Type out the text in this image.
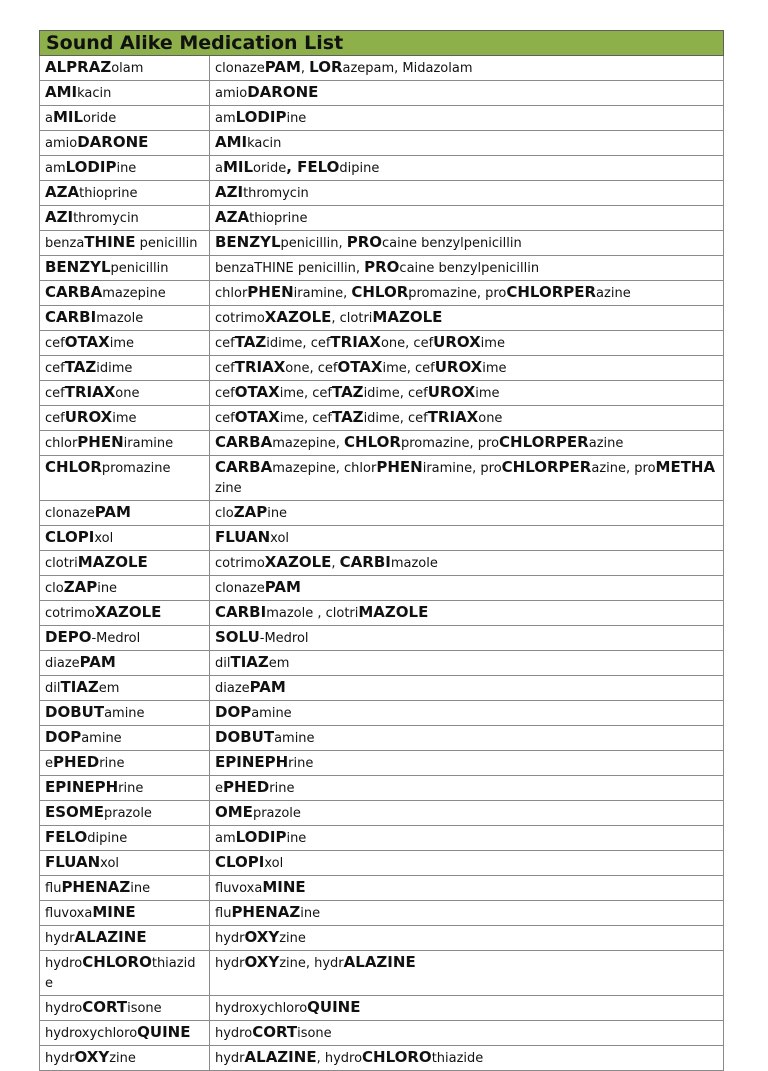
Sound Alike Medication List	
ALPRAZolam	clonazePAM, LORazepam, Midazolam
AMIkacin	amioDARONE
aMILoride	amLODIPine
amioDARONE	AMIkacin
amLODIPine	aMILoride, FELOdipine
AZAthioprine	AZIthromycin
AZIthromycin	AZAthioprine
benzaTHINE penicillin	BENZYLpenicillin, PROcaine benzylpenicillin
BENZYLpenicillin	benzaTHINE penicillin, PROcaine benzylpenicillin
CARBAmazepine	chlorPHENiramine, CHLORpromazine, proCHLORPERazine
CARBImazole	cotrimoXAZOLE, clotriMAZOLE
cefOTAXime	cefTAZidime, cefTRIAXone, cefUROXime
cefTAZidime	cefTRIAXone, cefOTAXime, cefUROXime
cefTRIAXone	cefOTAXime, cefTAZidime, cefUROXime
cefUROXime	cefOTAXime, cefTAZidime, cefTRIAXone
chlorPHENiramine	CARBAmazepine, CHLORpromazine, proCHLORPERazine
CHLORpromazine	CARBAmazepine, chlorPHENiramine, proCHLORPERazine, proMETHAzine
clonazePAM	cloZAPine
CLOPIxol	FLUANxol
clotriMAZOLE	cotrimoXAZOLE, CARBImazole
cloZAPine	clonazePAM
cotrimoXAZOLE	CARBImazole , clotriMAZOLE
DEPO-Medrol	SOLU-Medrol
diazePAM	dilTIAZem
dilTIAZem	diazePAM
DOBUTamine	DOPamine
DOPamine	DOBUTamine
ePHEDrine	EPINEPHrine
EPINEPHrine	ePHEDrine
ESOMEprazole	OMEprazole
FELOdipine	amLODIPine
FLUANxol	CLOPIxol
fluPHENAZine	fluvoxaMINE
fluvoxaMINE	fluPHENAZine
hydrALAZINE	hydrOXYzine
hydroCHLOROthiazide	hydrOXYzine, hydrALAZINE
hydroCORTisone	hydroxychloroQUINE
hydroxychloroQUINE	hydroCORTisone
hydrOXYzine	hydrALAZINE, hydroCHLOROthiazide
